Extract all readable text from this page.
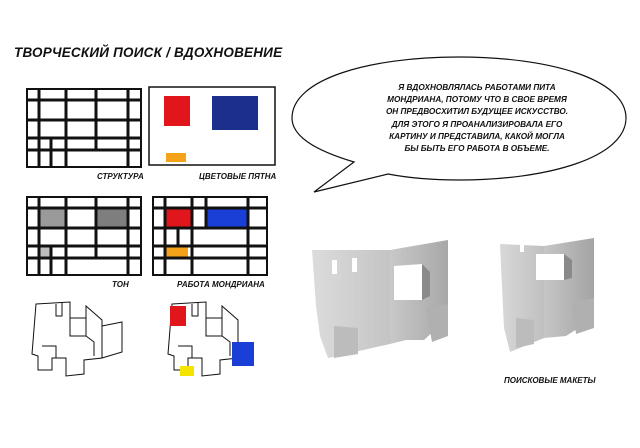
ТВОРЧЕСКИЙ ПОИСК / ВДОХНОВЕНИЕ
СТРУКТУРА	ЦВЕТОВЫЕ ПЯТНА
ТОН	РАБОТА МОНДРИАНА
Я ВДОХНОВЛЯЛАСЬ РАБОТАМИ ПИТА
МОНДРИАНА, ПОТОМУ ЧТО В СВОЕ ВРЕМЯ
ОН ПРЕДВОСХИТИЛ БУДУЩЕЕ ИСКУССТВО.
ДЛЯ ЭТОГО Я ПРОАНАЛИЗИРОВАЛА ЕГО
КАРТИНУ И ПРЕДСТАВИЛА, КАКОЙ МОГЛА
БЫ БЫТЬ ЕГО РАБОТА В ОБЪЕМЕ.
ПОИСКОВЫЕ МАКЕТЫ
